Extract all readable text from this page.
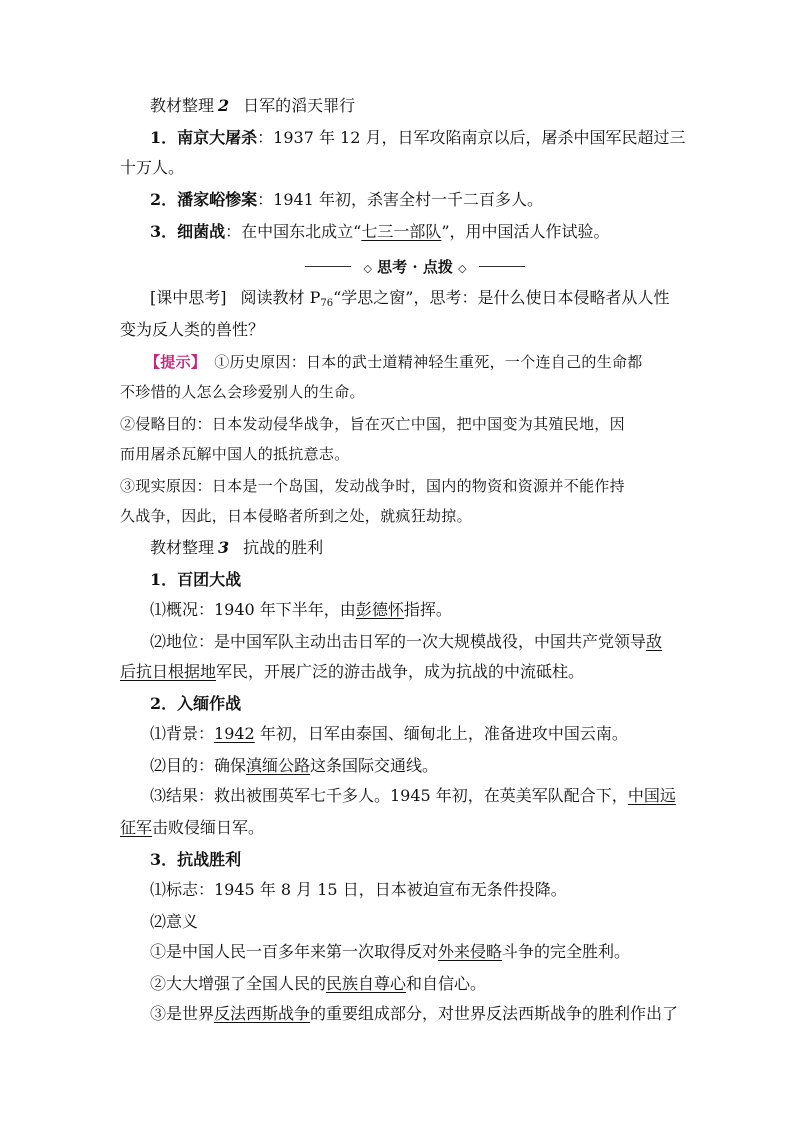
教材整理 2 日军的滔天罪行
1．南京大屠杀：1937 年 12 月，日军攻陷南京以后，屠杀中国军民超过三
十万人。
2．潘家峪惨案：1941 年初，杀害全村一千二百多人。
3．细菌战：在中国东北成立“七三一部队”，用中国活人作试验。
◇ 思考 · 点拨 ◇
[课中思考] 阅读教材 $P_{76}“$学思之窗”，思考：是什么使日本侵略者从人性
变为反人类的兽性？
【提示】 ①历史原因：日本的武士道精神轻生重死，一个连自己的生命都
不珍惜的人怎么会珍爱别人的生命。
②侵略目的：日本发动侵华战争，旨在灭亡中国，把中国变为其殖民地，因
而用屠杀瓦解中国人的抵抗意志。
③现实原因：日本是一个岛国，发动战争时，国内的物资和资源并不能作持
久战争，因此，日本侵略者所到之处，就疯狂劫掠。
教材整理 3 抗战的胜利
1．百团大战
⑴概况：1940 年下半年，由彭德怀指挥。
⑵地位：是中国军队主动出击日军的一次大规模战役，中国共产党领导敌
后抗日根据地军民，开展广泛的游击战争，成为抗战的中流砥柱。
2．入缅作战
⑴背景：1942 年初，日军由泰国、缅甸北上，准备进攻中国云南。
⑵目的：确保滇缅公路这条国际交通线。
⑶结果：救出被围英军七千多人。1945 年初，在英美军队配合下，中国远
征军击败侵缅日军。
3．抗战胜利
⑴标志：1945 年 8 月 15 日，日本被迫宣布无条件投降。
⑵意义
①是中国人民一百多年来第一次取得反对外来侵略斗争的完全胜利。
②大大增强了全国人民的民族自尊心和自信心。
③是世界反法西斯战争的重要组成部分，对世界反法西斯战争的胜利作出了
